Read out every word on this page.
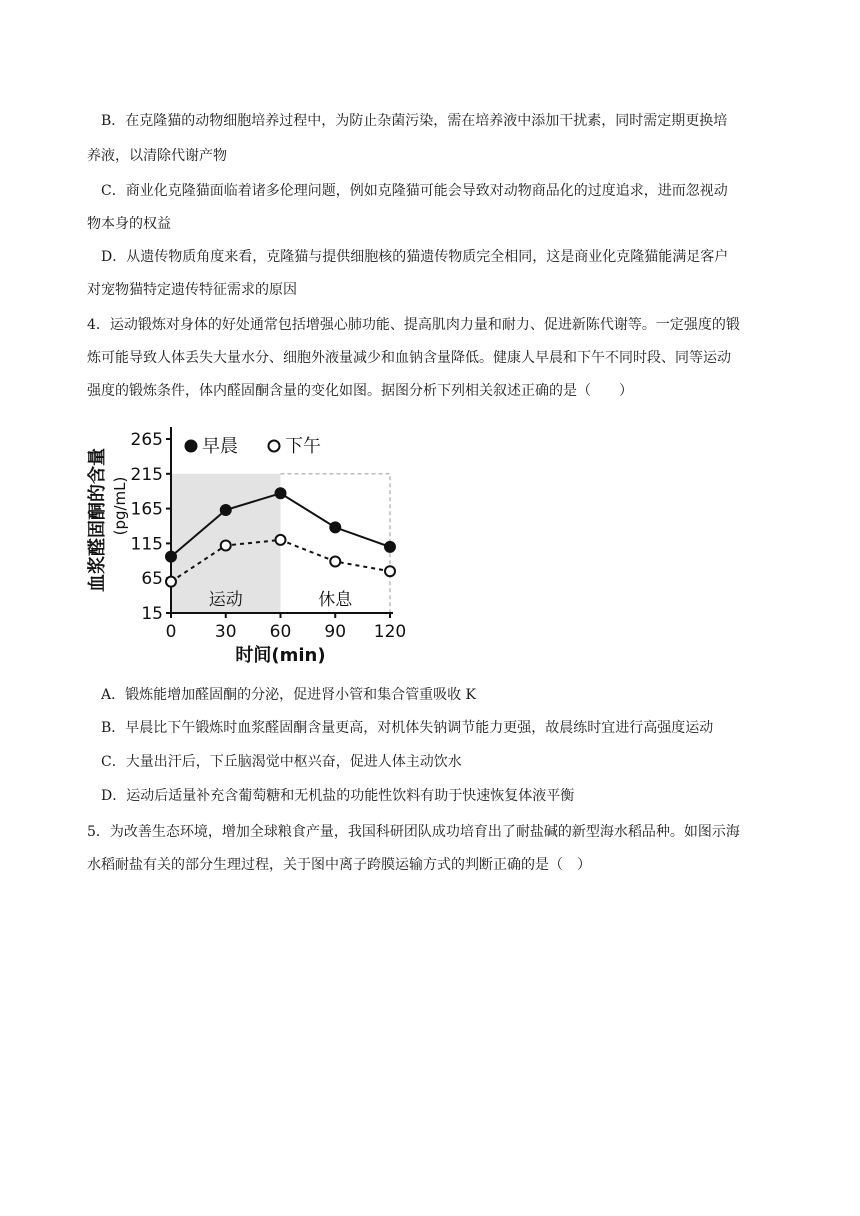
B．在克隆猫的动物细胞培养过程中，为防止杂菌污染，需在培养液中添加干扰素，同时需定期更换培

养液，以清除代谢产物

C．商业化克隆猫面临着诸多伦理问题，例如克隆猫可能会导致对动物商品化的过度追求，进而忽视动

物本身的权益

D．从遗传物质角度来看，克隆猫与提供细胞核的猫遗传物质完全相同，这是商业化克隆猫能满足客户

对宠物猫特定遗传特征需求的原因

4．运动锻炼对身体的好处通常包括增强心肺功能、提高肌肉力量和耐力、促进新陈代谢等。一定强度的锻

炼可能导致人体丢失大量水分、细胞外液量减少和血钠含量降低。健康人早晨和下午不同时段、同等运动

强度的锻炼条件，体内醛固酮含量的变化如图。据图分析下列相关叙述正确的是（　　）

运动	休息
15
65
115
165
215
265
0 30 60 90 120
时间(min)
血浆醛固酮的含量 (pg/mL)
早晨	下午

A．锻炼能增加醛固酮的分泌，促进肾小管和集合管重吸收 K

B．早晨比下午锻炼时血浆醛固酮含量更高，对机体失钠调节能力更强，故晨练时宜进行高强度运动

C．大量出汗后，下丘脑渴觉中枢兴奋，促进人体主动饮水

D．运动后适量补充含葡萄糖和无机盐的功能性饮料有助于快速恢复体液平衡

5．为改善生态环境，增加全球粮食产量，我国科研团队成功培育出了耐盐碱的新型海水稻品种。如图示海

水稻耐盐有关的部分生理过程，关于图中离子跨膜运输方式的判断正确的是（　）
